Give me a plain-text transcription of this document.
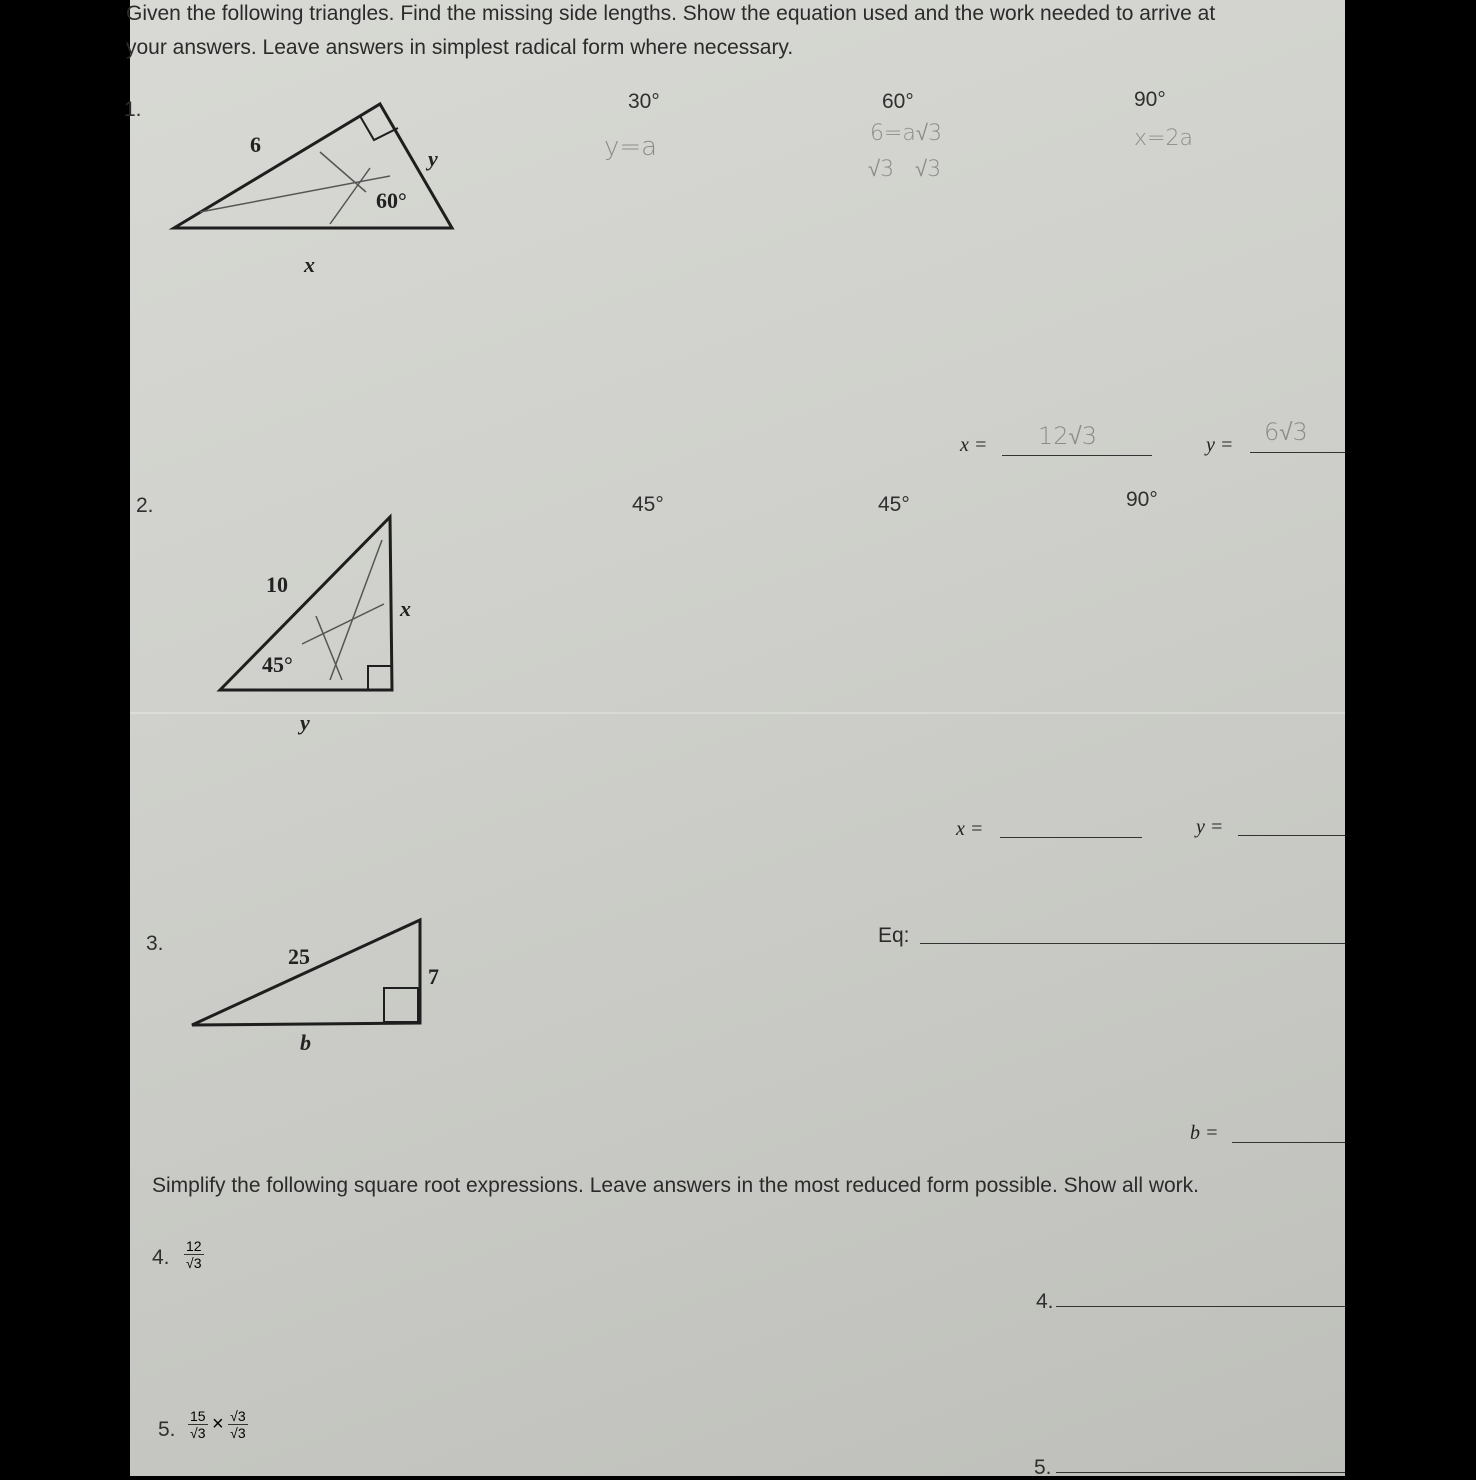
Given the following triangles. Find the missing side lengths. Show the equation used and the work needed to arrive at
your answers. Leave answers in simplest radical form where necessary.
1.	30°	60°	90°
y=a	6=a√3
√3   √3
x=2a
6
y
x
60°
x = 12√3	y = 6√3
2.	45°	45°	90°
10
x
y
45°
x =	y =
3.
25
7
b
Eq:
b =
Simplify the following square root expressions. Leave answers in the most reduced form possible. Show all work.
4. $\frac{12}{√3}$
4.
5. $\frac{15}{√3} \times \frac{√3}{√3}$
5.
